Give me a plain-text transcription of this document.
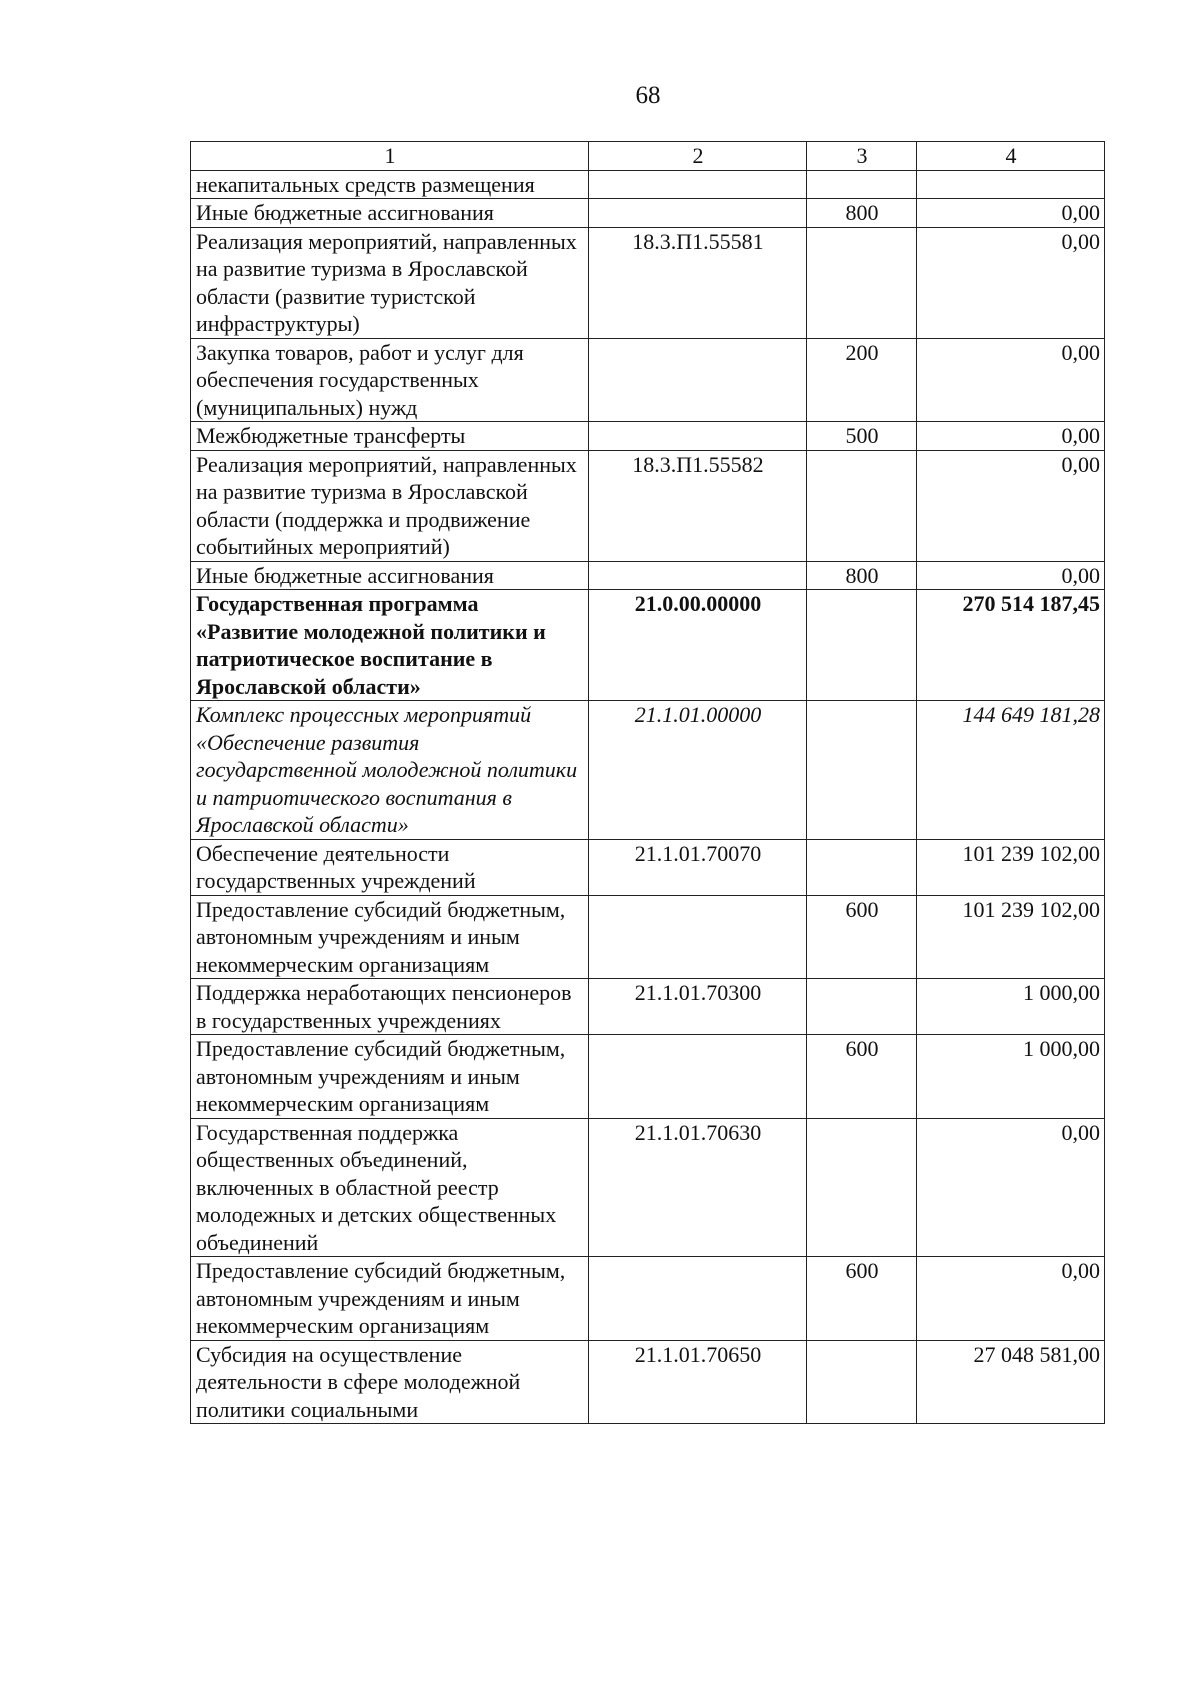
68
1	2	3	4
некапитальных средств размещения			
Иные бюджетные ассигнования		800	0,00
Реализация мероприятий, направленных на развитие туризма в Ярославской области (развитие туристской инфраструктуры)	18.3.П1.55581		0,00
Закупка товаров, работ и услуг для обеспечения государственных (муниципальных) нужд		200	0,00
Межбюджетные трансферты		500	0,00
Реализация мероприятий, направленных на развитие туризма в Ярославской области (поддержка и продвижение событийных мероприятий)	18.3.П1.55582		0,00
Иные бюджетные ассигнования		800	0,00
Государственная программа «Развитие молодежной политики и патриотическое воспитание в Ярославской области»	21.0.00.00000		270 514 187,45
Комплекс процессных мероприятий «Обеспечение развития государственной молодежной политики и патриотического воспитания в Ярославской области»	21.1.01.00000		144 649 181,28
Обеспечение деятельности государственных учреждений	21.1.01.70070		101 239 102,00
Предоставление субсидий бюджетным, автономным учреждениям и иным некоммерческим организациям		600	101 239 102,00
Поддержка неработающих пенсионеров в государственных учреждениях	21.1.01.70300		1 000,00
Предоставление субсидий бюджетным, автономным учреждениям и иным некоммерческим организациям		600	1 000,00
Государственная поддержка общественных объединений, включенных в областной реестр молодежных и детских общественных объединений	21.1.01.70630		0,00
Предоставление субсидий бюджетным, автономным учреждениям и иным некоммерческим организациям		600	0,00
Субсидия на осуществление деятельности в сфере молодежной политики социальными	21.1.01.70650		27 048 581,00
